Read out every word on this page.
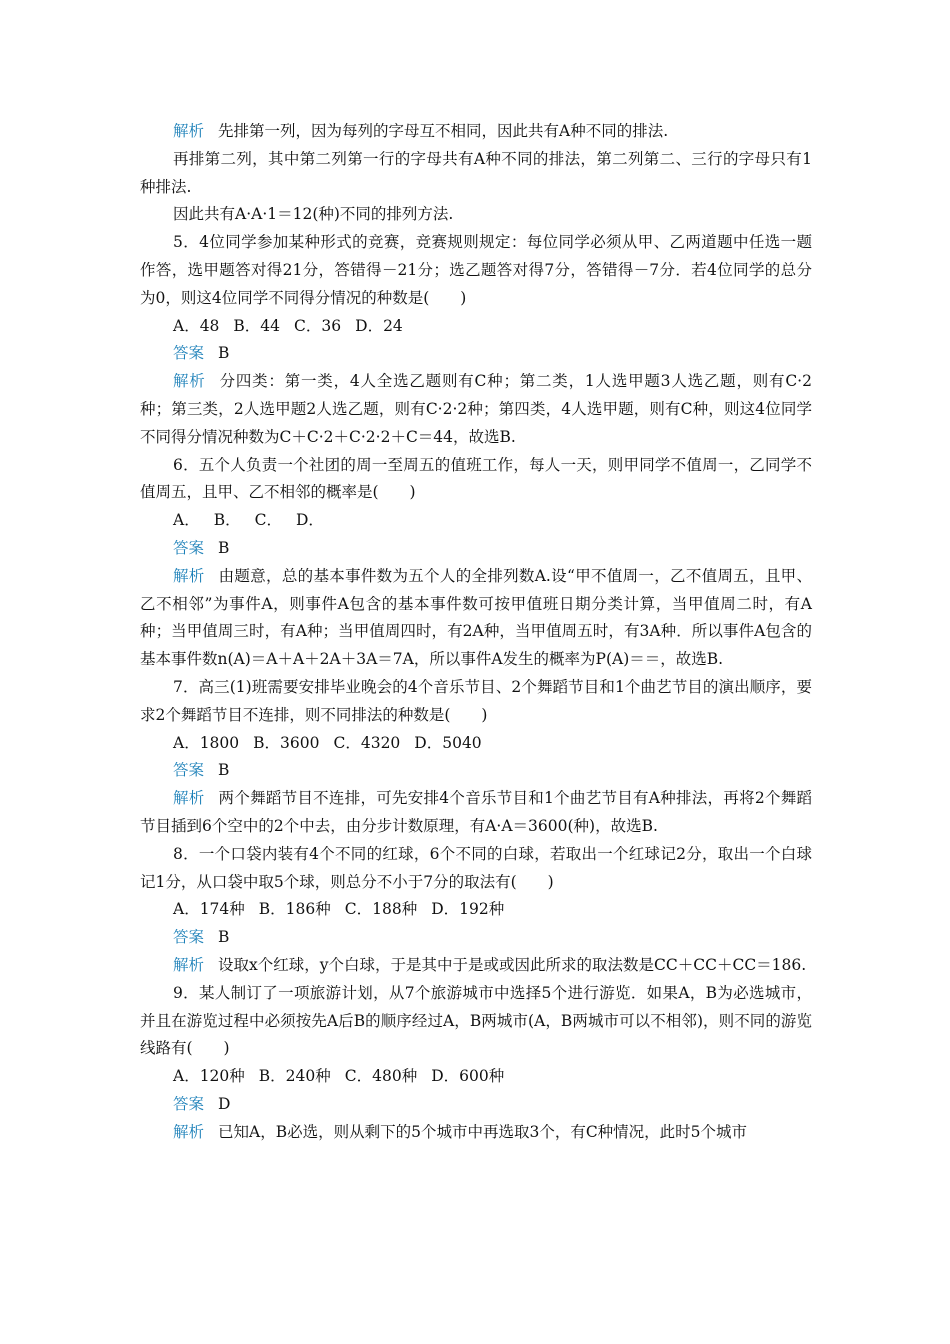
解析 先排第一列，因为每列的字母互不相同，因此共有A种不同的排法.

再排第二列，其中第二列第一行的字母共有A种不同的排法，第二列第二、三行的字母只有1种排法.

因此共有A·A·1＝12(种)不同的排列方法.

5．4位同学参加某种形式的竞赛，竞赛规则规定：每位同学必须从甲、乙两道题中任选一题作答，选甲题答对得21分，答错得－21分；选乙题答对得7分，答错得－7分．若4位同学的总分为0，则这4位同学不同得分情况的种数是(　　)

A．48 B．44 C．36 D．24

答案 B

解析 分四类：第一类，4人全选乙题则有C种；第二类，1人选甲题3人选乙题，则有C·2种；第三类，2人选甲题2人选乙题，则有C·2·2种；第四类，4人选甲题，则有C种，则这4位同学不同得分情况种数为C＋C·2＋C·2·2＋C＝44，故选B.

6．五个人负责一个社团的周一至周五的值班工作，每人一天，则甲同学不值周一，乙同学不值周五，且甲、乙不相邻的概率是(　　)

A． B． C． D．

答案 B

解析 由题意，总的基本事件数为五个人的全排列数A.设“甲不值周一，乙不值周五，且甲、乙不相邻”为事件A，则事件A包含的基本事件数可按甲值班日期分类计算，当甲值周二时，有A种；当甲值周三时，有A种；当甲值周四时，有2A种，当甲值周五时，有3A种．所以事件A包含的基本事件数n(A)＝A＋A＋2A＋3A＝7A，所以事件A发生的概率为P(A)＝＝，故选B.

7．高三(1)班需要安排毕业晚会的4个音乐节目、2个舞蹈节目和1个曲艺节目的演出顺序，要求2个舞蹈节目不连排，则不同排法的种数是(　　)

A．1800 B．3600 C．4320 D．5040

答案 B

解析 两个舞蹈节目不连排，可先安排4个音乐节目和1个曲艺节目有A种排法，再将2个舞蹈节目插到6个空中的2个中去，由分步计数原理，有A·A＝3600(种)，故选B.

8．一个口袋内装有4个不同的红球，6个不同的白球，若取出一个红球记2分，取出一个白球记1分，从口袋中取5个球，则总分不小于7分的取法有(　　)

A．174种 B．186种 C．188种 D．192种

答案 B

解析 设取x个红球，y个白球，于是其中于是或或因此所求的取法数是CC＋CC＋CC＝186.

9．某人制订了一项旅游计划，从7个旅游城市中选择5个进行游览．如果A，B为必选城市，并且在游览过程中必须按先A后B的顺序经过A，B两城市(A，B两城市可以不相邻)，则不同的游览线路有(　　)

A．120种 B．240种 C．480种 D．600种

答案 D

解析 已知A，B必选，则从剩下的5个城市中再选取3个，有C种情况，此时5个城市
